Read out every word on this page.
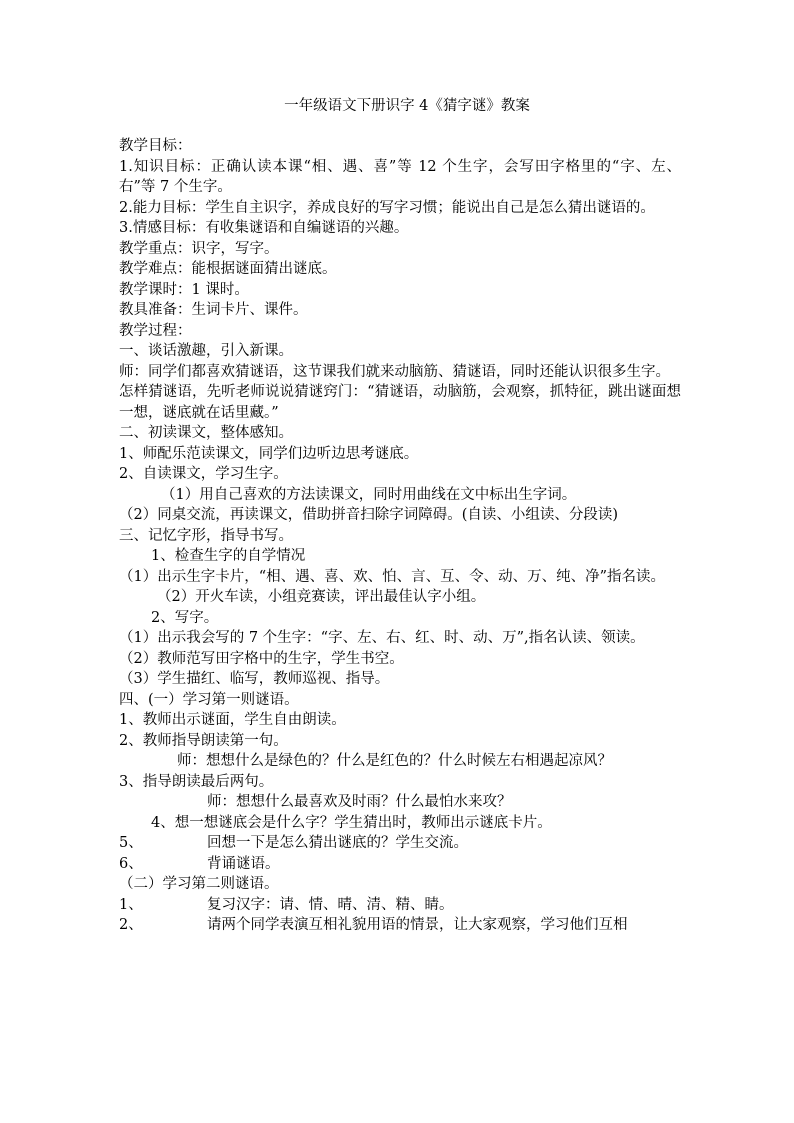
一年级语文下册识字 4《猜字谜》教案
教学目标：
1.知识目标：正确认读本课“相、遇、喜”等 12 个生字，会写田字格里的“字、左、右”等 7 个生字。
2.能力目标：学生自主识字，养成良好的写字习惯；能说出自己是怎么猜出谜语的。
3.情感目标：有收集谜语和自编谜语的兴趣。
教学重点：识字，写字。
教学难点：能根据谜面猜出谜底。
教学课时：1 课时。
教具准备：生词卡片、课件。
教学过程：
一、谈话激趣，引入新课。
师：同学们都喜欢猜谜语，这节课我们就来动脑筋、猜谜语，同时还能认识很多生字。
怎样猜谜语，先听老师说说猜谜窍门：“猜谜语，动脑筋，会观察，抓特征，跳出谜面想一想，谜底就在话里藏。”
二、初读课文，整体感知。
1、师配乐范读课文，同学们边听边思考谜底。
2、自读课文，学习生字。
（1）用自己喜欢的方法读课文，同时用曲线在文中标出生字词。
（2）同桌交流，再读课文，借助拼音扫除字词障碍。(自读、小组读、分段读)
三、记忆字形，指导书写。
1、检查生字的自学情况
（1）出示生字卡片，“相、遇、喜、欢、怕、言、互、令、动、万、纯、净”指名读。
（2）开火车读，小组竞赛读，评出最佳认字小组。
2、写字。
（1）出示我会写的 7 个生字：“字、左、右、红、时、动、万”,指名认读、领读。
（2）教师范写田字格中的生字，学生书空。
（3）学生描红、临写，教师巡视、指导。
四、(一）学习第一则谜语。
1、教师出示谜面，学生自由朗读。
2、教师指导朗读第一句。
师：想想什么是绿色的？什么是红色的？什么时候左右相遇起凉风？
3、指导朗读最后两句。
师：想想什么最喜欢及时雨？什么最怕水来攻？
4、想一想谜底会是什么字？学生猜出时，教师出示谜底卡片。
5、	回想一下是怎么猜出谜底的？学生交流。
6、	背诵谜语。
（二）学习第二则谜语。
1、	复习汉字：请、情、晴、清、精、睛。
2、	请两个同学表演互相礼貌用语的情景，让大家观察，学习他们互相
